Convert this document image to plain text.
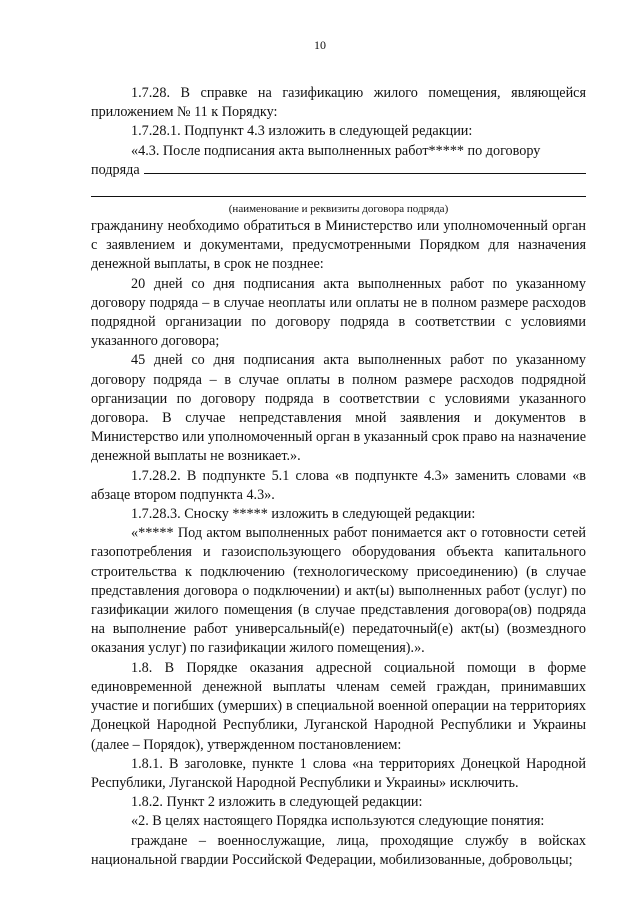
10

1.7.28. В справке на газификацию жилого помещения, являющейся приложением № 11 к Порядку:

1.7.28.1. Подпункт 4.3 изложить в следующей редакции:

«4.3. После подписания акта выполненных работ***** по договору

подряда
(наименование и реквизиты договора подряда)

гражданину необходимо обратиться в Министерство или уполномоченный орган с заявлением и документами, предусмотренными Порядком для назначения денежной выплаты, в срок не позднее:

20 дней со дня подписания акта выполненных работ по указанному договору подряда – в случае неоплаты или оплаты не в полном размере расходов подрядной организации по договору подряда в соответствии с условиями указанного договора;

45 дней со дня подписания акта выполненных работ по указанному договору подряда – в случае оплаты в полном размере расходов подрядной организации по договору подряда в соответствии с условиями указанного договора. В случае непредставления мной заявления и документов в Министерство или уполномоченный орган в указанный срок право на назначение денежной выплаты не возникает.».

1.7.28.2. В подпункте 5.1 слова «в подпункте 4.3» заменить словами «в абзаце втором подпункта 4.3».

1.7.28.3. Сноску ***** изложить в следующей редакции:

«***** Под актом выполненных работ понимается акт о готовности сетей газопотребления и газоиспользующего оборудования объекта капитального строительства к подключению (технологическому присоединению) (в случае представления договора о подключении) и акт(ы) выполненных работ (услуг) по газификации жилого помещения (в случае представления договора(ов) подряда на выполнение работ универсальный(е) передаточный(е) акт(ы) (возмездного оказания услуг) по газификации жилого помещения).».

1.8. В Порядке оказания адресной социальной помощи в форме единовременной денежной выплаты членам семей граждан, принимавших участие и погибших (умерших) в специальной военной операции на территориях Донецкой Народной Республики, Луганской Народной Республики и Украины (далее – Порядок), утвержденном постановлением:

1.8.1. В заголовке, пункте 1 слова «на территориях Донецкой Народной Республики, Луганской Народной Республики и Украины» исключить.

1.8.2. Пункт 2 изложить в следующей редакции:

«2. В целях настоящего Порядка используются следующие понятия:

граждане – военнослужащие, лица, проходящие службу в войсках национальной гвардии Российской Федерации, мобилизованные, добровольцы;
